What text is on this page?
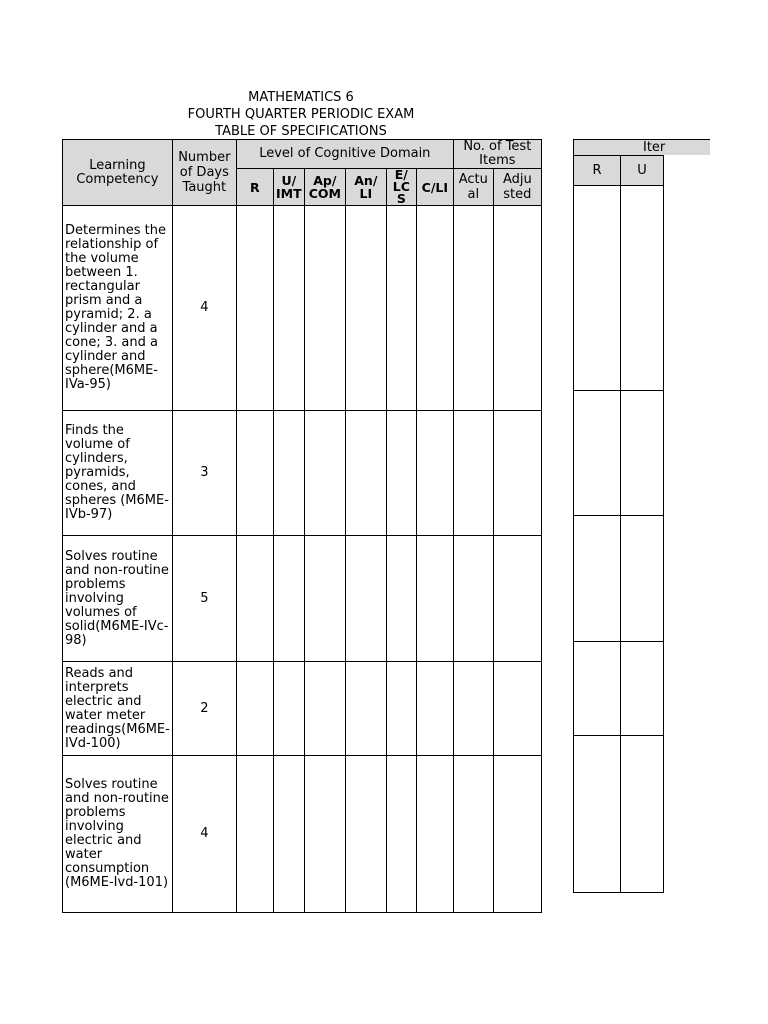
MATHEMATICS 6
FOURTH QUARTER PERIODIC EXAM
TABLE OF SPECIFICATIONS
Learning Competency	Number of Days Taught	Level of Cognitive Domain						No. of Test Items	
		R	U/ IMT	Ap/ COM	An/ LI	E/ LC S	C/LI	Actu al	Adju sted
Determines the relationship of the volume between 1. rectangular prism and a pyramid; 2. a cylinder and a cone; 3. and a cylinder and sphere(M6ME-IVa-95)	4								
Finds the volume of cylinders, pyramids, cones, and spheres (M6ME-IVb-97)	3								
Solves routine and non-routine problems involving volumes of solid(M6ME-IVc-98)	5								
Reads and interprets electric and water meter readings(M6ME-IVd-100)	2								
Solves routine and non-routine problems involving electric and water consumption (M6ME-Ivd-101)	4								

R	U

Iter
